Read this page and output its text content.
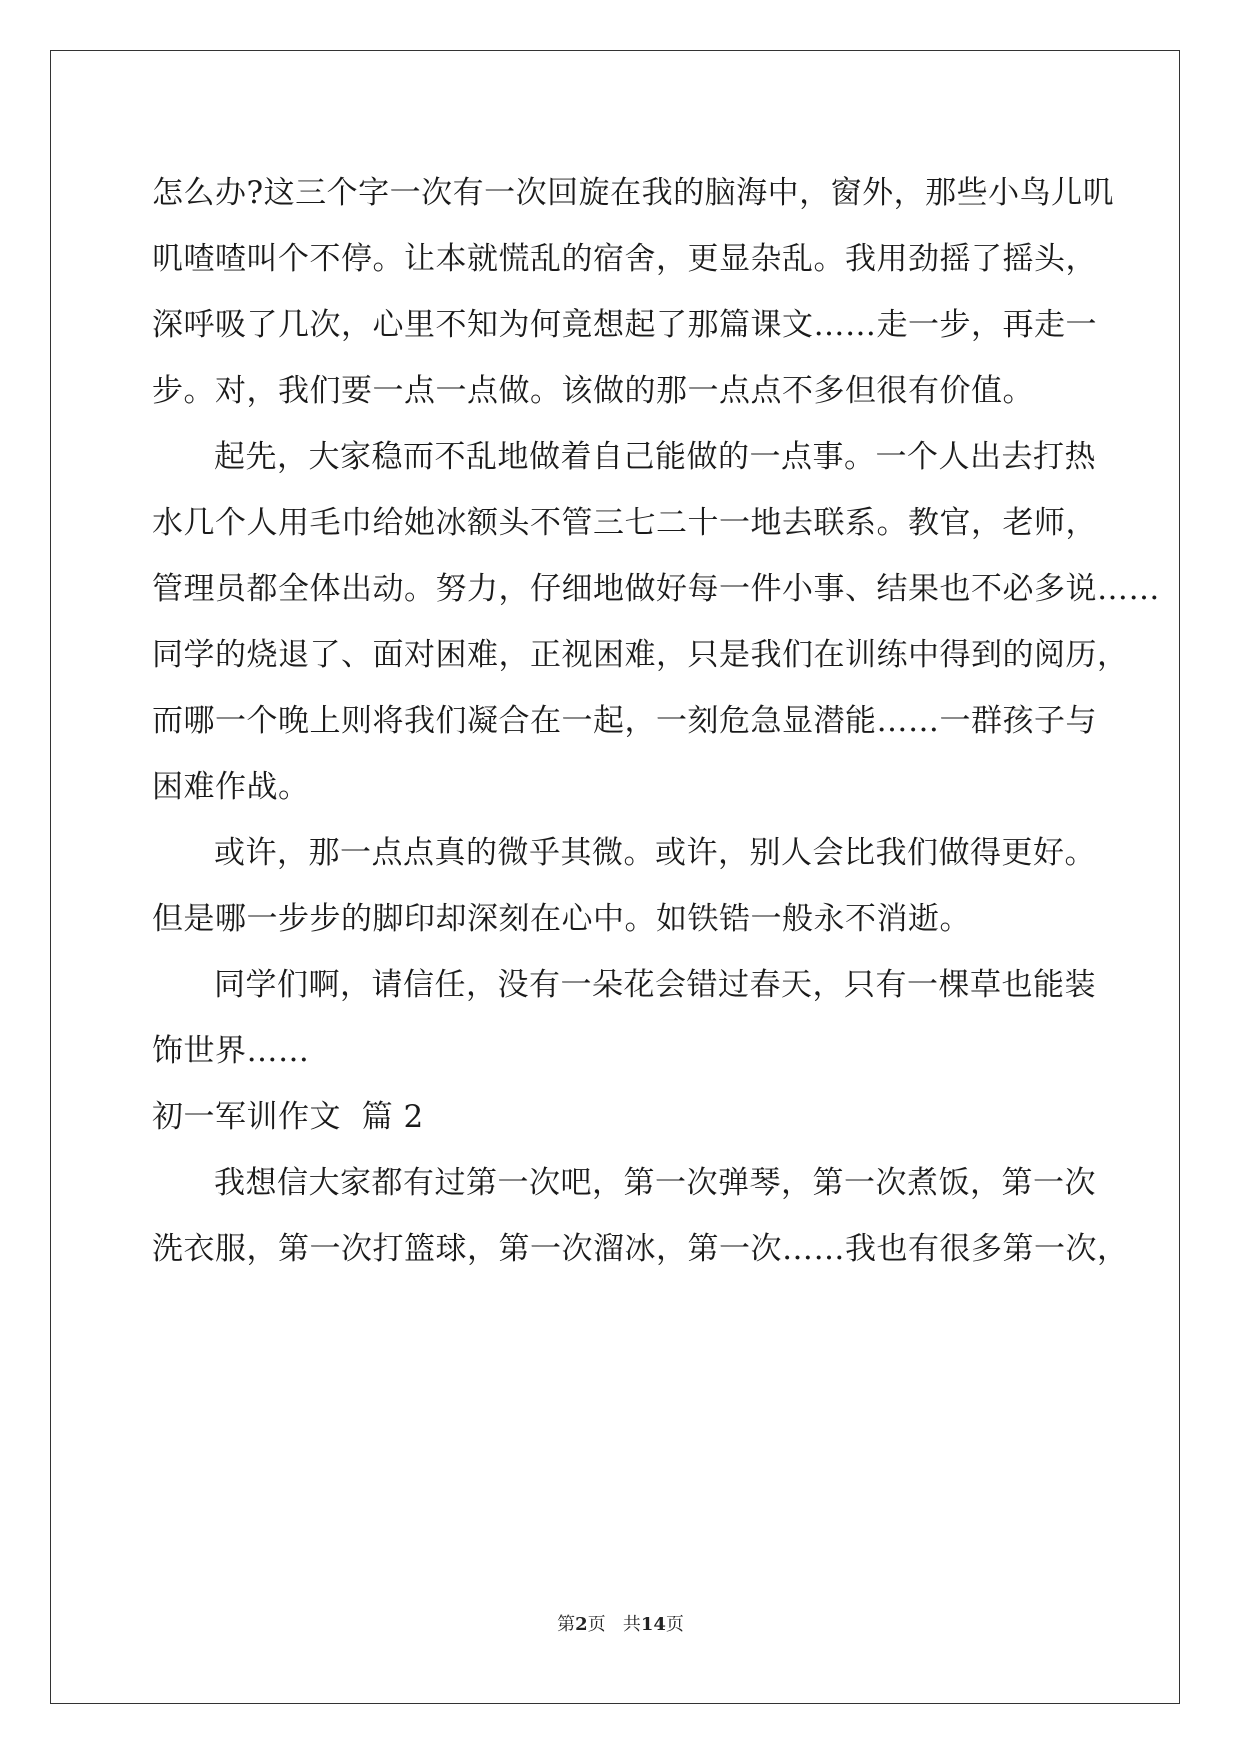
怎么办?这三个字一次有一次回旋在我的脑海中，窗外，那些小鸟儿叽
叽喳喳叫个不停。让本就慌乱的宿舍，更显杂乱。我用劲摇了摇头，
深呼吸了几次，心里不知为何竟想起了那篇课文……走一步，再走一
步。对，我们要一点一点做。该做的那一点点不多但很有价值。
起先，大家稳而不乱地做着自己能做的一点事。一个人出去打热
水几个人用毛巾给她冰额头不管三七二十一地去联系。教官，老师，
管理员都全体出动。努力，仔细地做好每一件小事、结果也不必多说……
同学的烧退了、面对困难，正视困难，只是我们在训练中得到的阅历，
而哪一个晚上则将我们凝合在一起，一刻危急显潜能……一群孩子与
困难作战。
或许，那一点点真的微乎其微。或许，别人会比我们做得更好。
但是哪一步步的脚印却深刻在心中。如铁锆一般永不消逝。
同学们啊，请信任，没有一朵花会错过春天，只有一棵草也能装
饰世界……
初一军训作文  篇 2
我想信大家都有过第一次吧，第一次弹琴，第一次煮饭，第一次
洗衣服，第一次打篮球，第一次溜冰，第一次……我也有很多第一次，
第2页 共14页
